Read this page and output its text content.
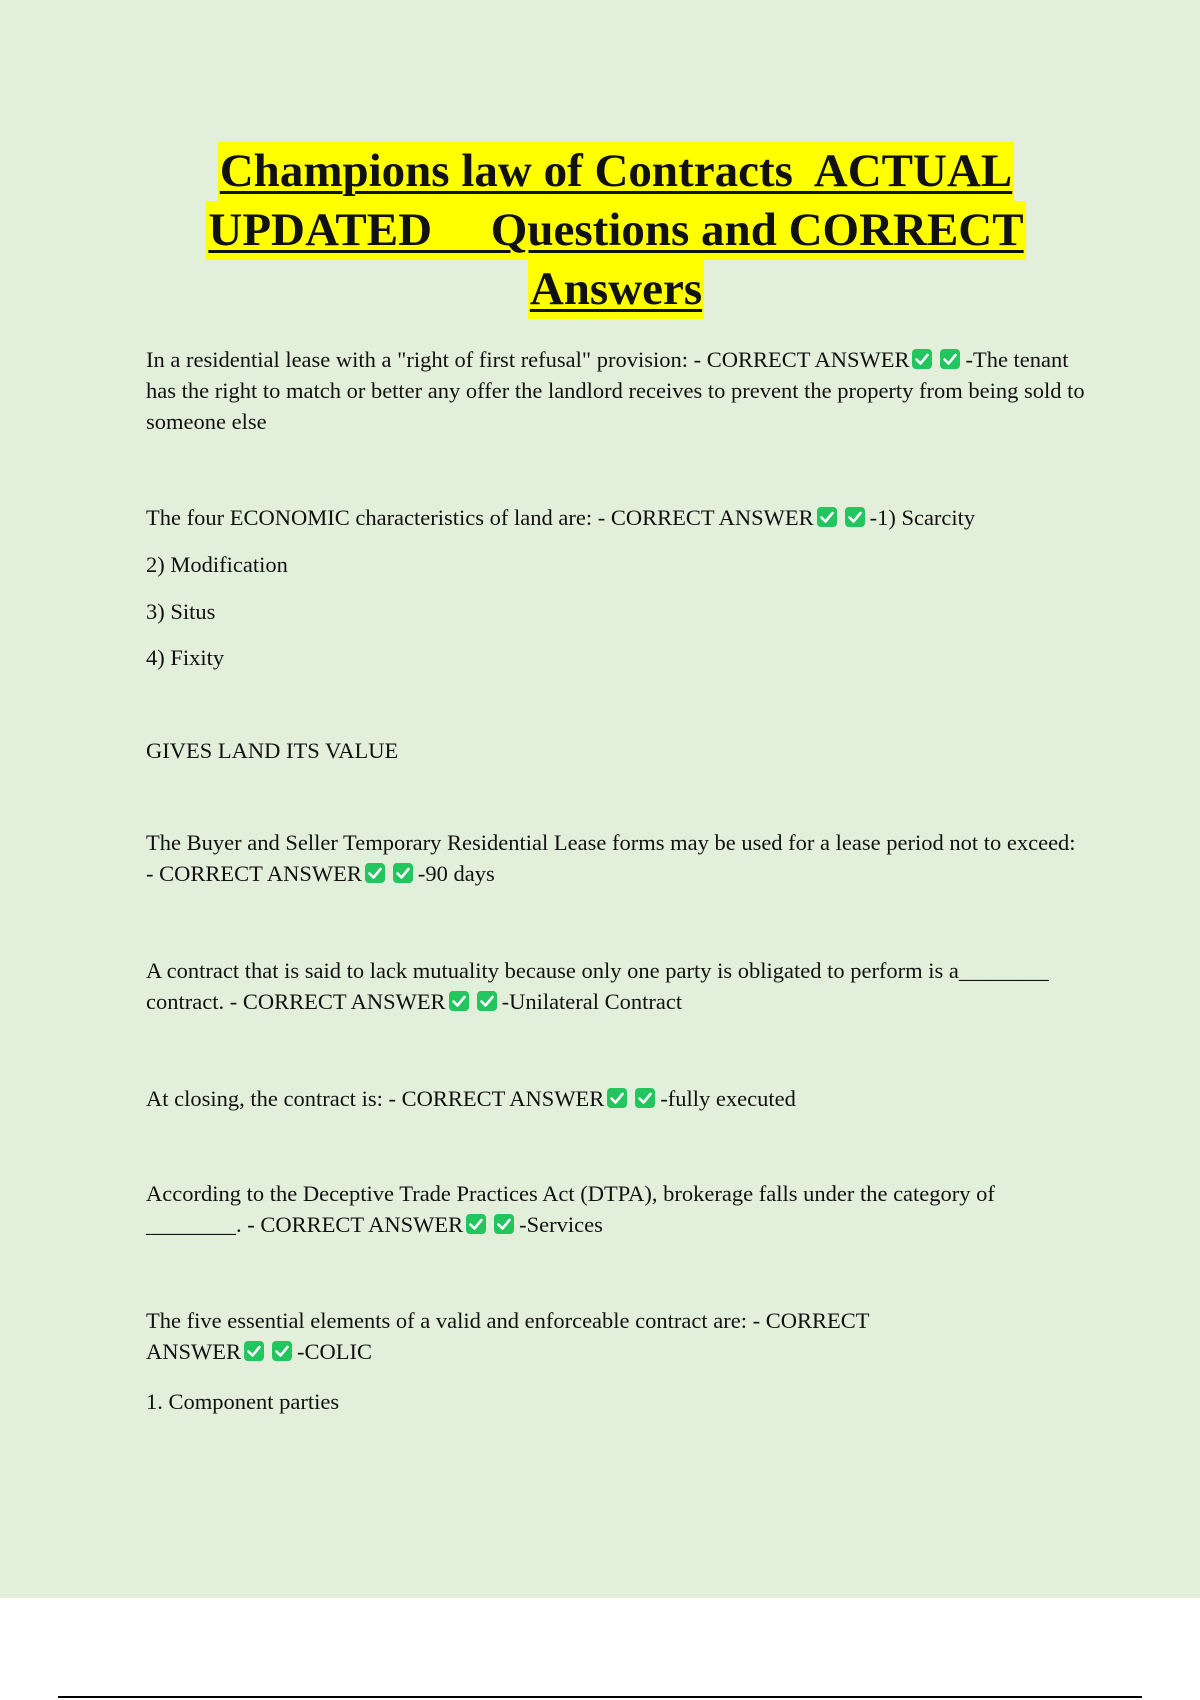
Champions law of Contracts  ACTUAL
UPDATED     Questions and CORRECT
Answers

In a residential lease with a "right of first refusal" provision: - CORRECT ANSWER -The tenant has the right to match or better any offer the landlord receives to prevent the property from being sold to someone else

The four ECONOMIC characteristics of land are: - CORRECT ANSWER -1) Scarcity

2) Modification

3) Situs

4) Fixity

GIVES LAND ITS VALUE

The Buyer and Seller Temporary Residential Lease forms may be used for a lease period not to exceed: - CORRECT ANSWER -90 days

A contract that is said to lack mutuality because only one party is obligated to perform is a________ contract. - CORRECT ANSWER -Unilateral Contract

At closing, the contract is: - CORRECT ANSWER -fully executed

According to the Deceptive Trade Practices Act (DTPA), brokerage falls under the category of ________. - CORRECT ANSWER -Services

The five essential elements of a valid and enforceable contract are: - CORRECT ANSWER -COLIC

1. Component parties
